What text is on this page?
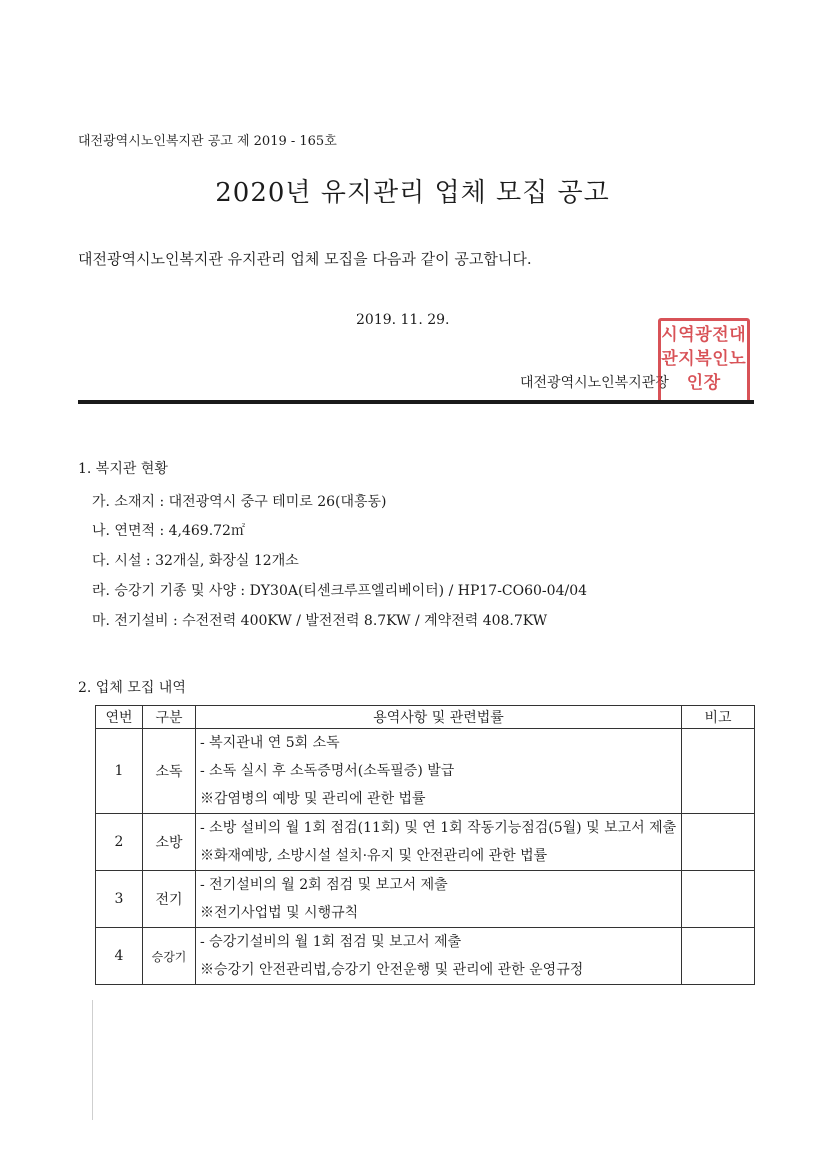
대전광역시노인복지관 공고 제 2019 - 165호
2020년 유지관리 업체 모집 공고
대전광역시노인복지관 유지관리 업체 모집을 다음과 같이 공고합니다.
2019. 11. 29.
대전광역시노인복지관장
대전광역시
노인복지관
장인
1. 복지관 현황
가. 소재지 : 대전광역시 중구 테미로 26(대흥동)
나. 연면적 : 4,469.72㎡
다. 시설 : 32개실, 화장실 12개소
라. 승강기 기종 및 사양 : DY30A(티센크루프엘리베이터) / HP17-CO60-04/04
마. 전기설비 : 수전전력 400KW / 발전전력 8.7KW / 계약전력 408.7KW
2. 업체 모집 내역
연번	구분	용역사항 및 관련법률	비고
1	소독	- 복지관내 연 5회 소독
- 소독 실시 후 소독증명서(소독필증) 발급
※감염병의 예방 및 관리에 관한 법률	

2	소방	- 소방 설비의 월 1회 점검(11회) 및 연 1회 작동기능점검(5월) 및 보고서 제출
※화재예방, 소방시설 설치·유지 및 안전관리에 관한 법률	

3	전기	- 전기설비의 월 2회 점검 및 보고서 제출
※전기사업법 및 시행규칙	

4	승강기	- 승강기설비의 월 1회 점검 및 보고서 제출
※승강기 안전관리법,승강기 안전운행 및 관리에 관한 운영규정	
